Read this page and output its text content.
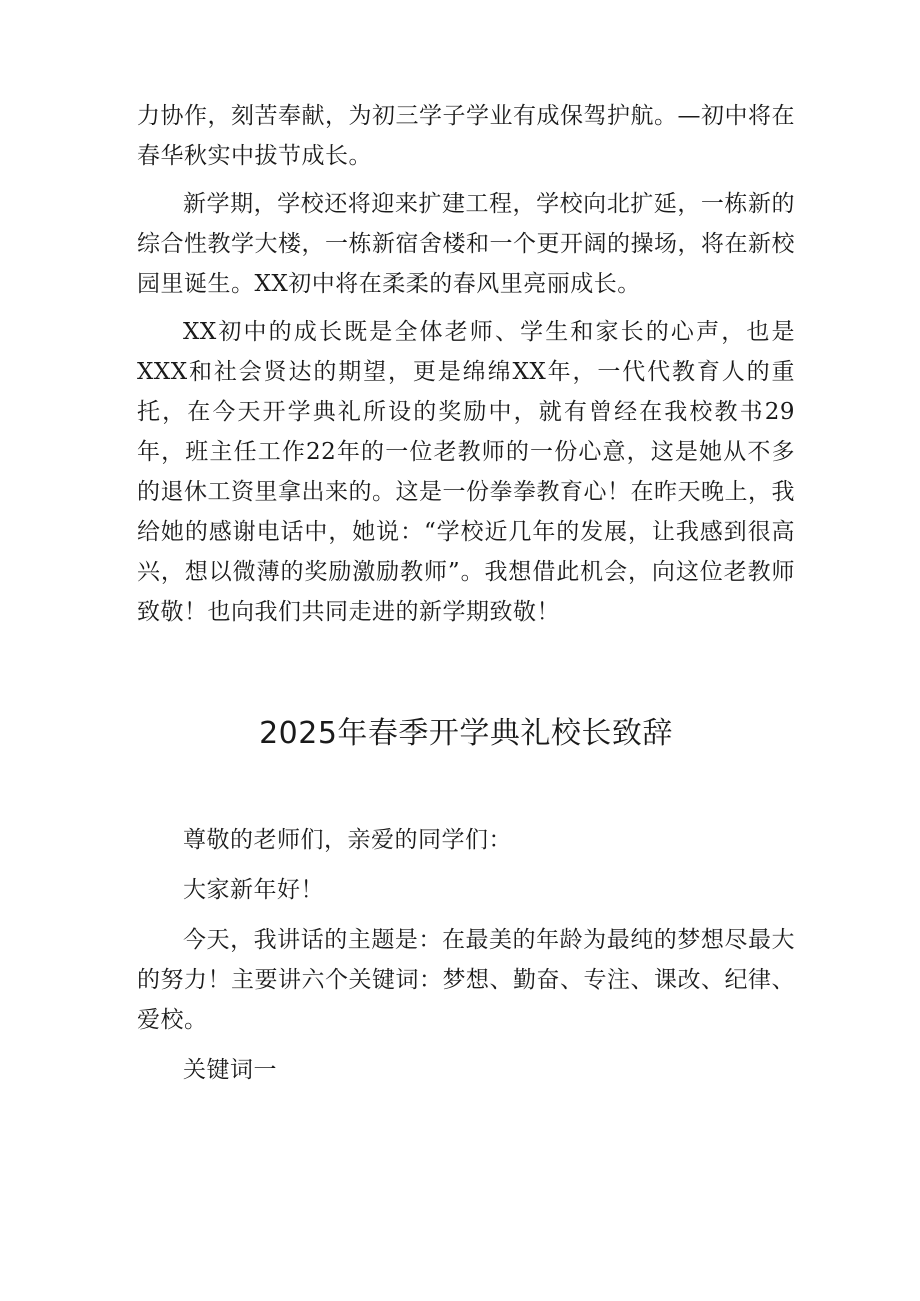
力协作，刻苦奉献，为初三学子学业有成保驾护航。—初中将在春华秋实中拔节成长。

新学期，学校还将迎来扩建工程，学校向北扩延，一栋新的综合性教学大楼，一栋新宿舍楼和一个更开阔的操场，将在新校园里诞生。XX初中将在柔柔的春风里亮丽成长。

XX初中的成长既是全体老师、学生和家长的心声，也是XXX和社会贤达的期望，更是绵绵XX年，一代代教育人的重托，在今天开学典礼所设的奖励中，就有曾经在我校教书29年，班主任工作22年的一位老教师的一份心意，这是她从不多的退休工资里拿出来的。这是一份拳拳教育心！在昨天晚上，我给她的感谢电话中，她说：“学校近几年的发展，让我感到很高兴，想以微薄的奖励激励教师”。我想借此机会，向这位老教师致敬！也向我们共同走进的新学期致敬！

2025年春季开学典礼校长致辞

尊敬的老师们，亲爱的同学们：

大家新年好！

今天，我讲话的主题是：在最美的年龄为最纯的梦想尽最大的努力！主要讲六个关键词：梦想、勤奋、专注、课改、纪律、爱校。

关键词一
